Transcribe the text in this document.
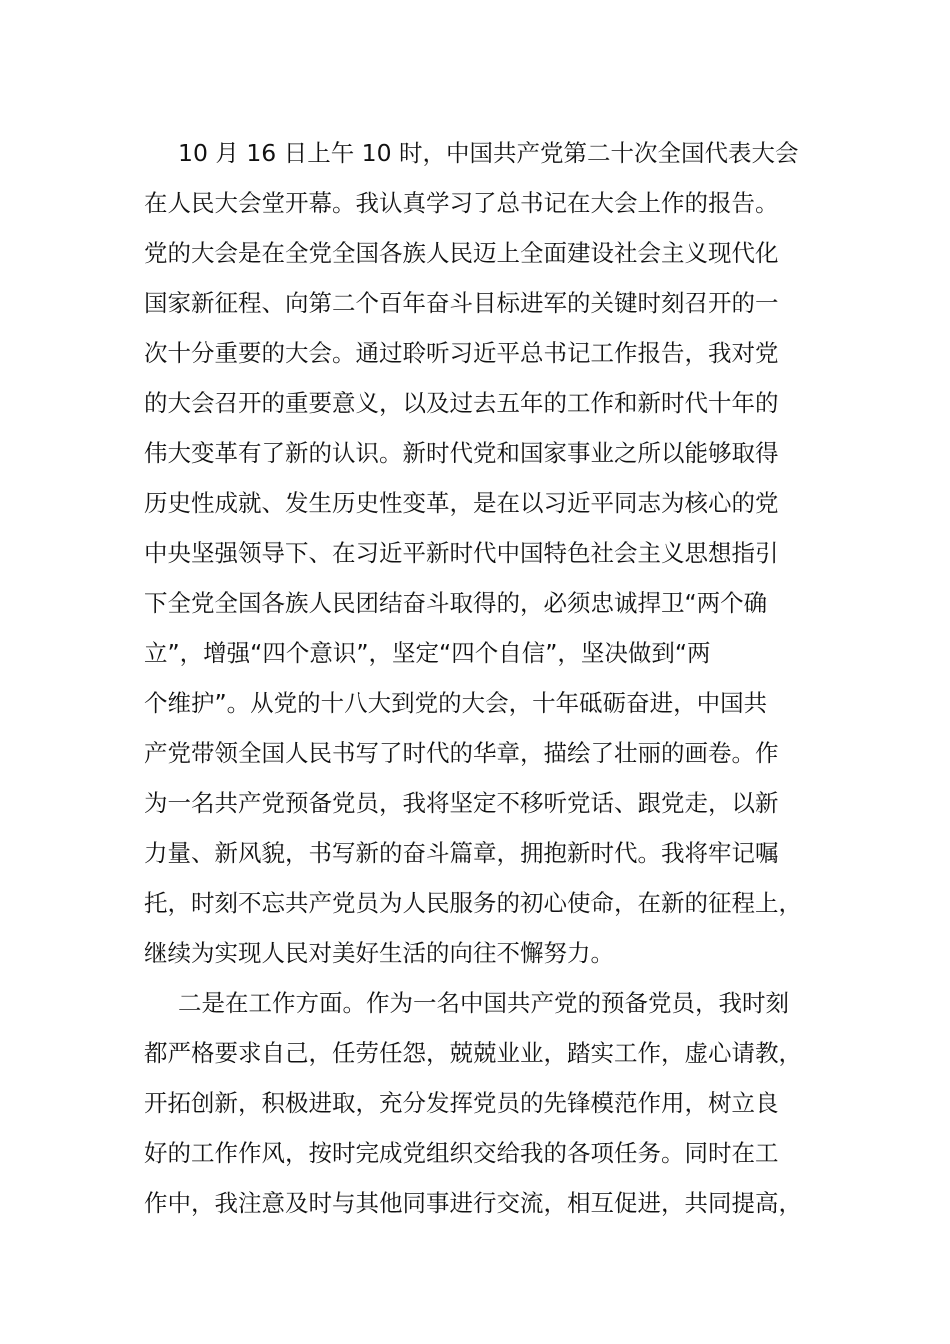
10 月 16 日上午 10 时，中国共产党第二十次全国代表大会
在人民大会堂开幕。我认真学习了总书记在大会上作的报告。
党的大会是在全党全国各族人民迈上全面建设社会主义现代化
国家新征程、向第二个百年奋斗目标进军的关键时刻召开的一
次十分重要的大会。通过聆听习近平总书记工作报告，我对党
的大会召开的重要意义，以及过去五年的工作和新时代十年的
伟大变革有了新的认识。新时代党和国家事业之所以能够取得
历史性成就、发生历史性变革，是在以习近平同志为核心的党
中央坚强领导下、在习近平新时代中国特色社会主义思想指引
下全党全国各族人民团结奋斗取得的，必须忠诚捍卫“两个确
立”，增强“四个意识”，坚定“四个自信”，坚决做到“两
个维护”。从党的十八大到党的大会，十年砥砺奋进，中国共
产党带领全国人民书写了时代的华章，描绘了壮丽的画卷。作
为一名共产党预备党员，我将坚定不移听党话、跟党走，以新
力量、新风貌，书写新的奋斗篇章，拥抱新时代。我将牢记嘱
托，时刻不忘共产党员为人民服务的初心使命，在新的征程上，
继续为实现人民对美好生活的向往不懈努力。
二是在工作方面。作为一名中国共产党的预备党员，我时刻
都严格要求自己，任劳任怨，兢兢业业，踏实工作，虚心请教，
开拓创新，积极进取，充分发挥党员的先锋模范作用，树立良
好的工作作风，按时完成党组织交给我的各项任务。同时在工
作中，我注意及时与其他同事进行交流，相互促进，共同提高，
